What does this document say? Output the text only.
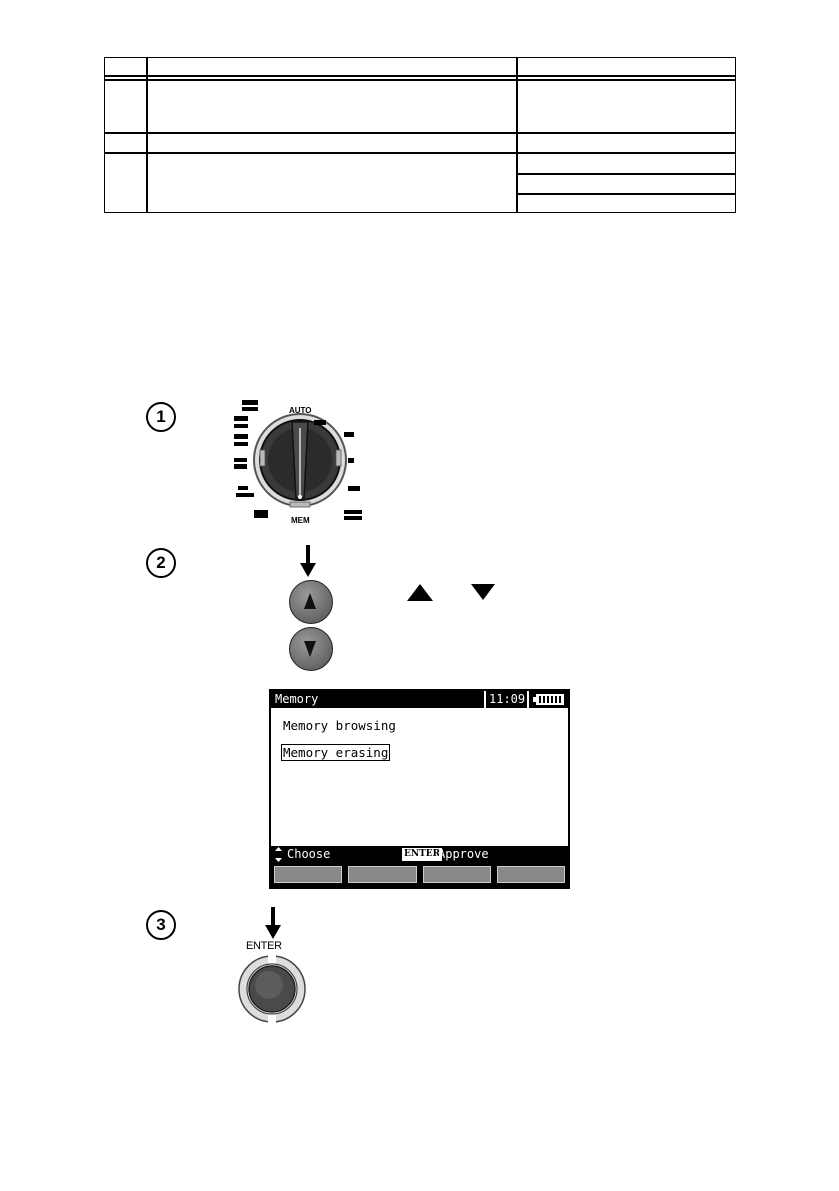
1	AUTO
MEM
2
Memory	11:09
Memory browsing
Memory erasing
Choose	ENTER
Approve
3
ENTER
